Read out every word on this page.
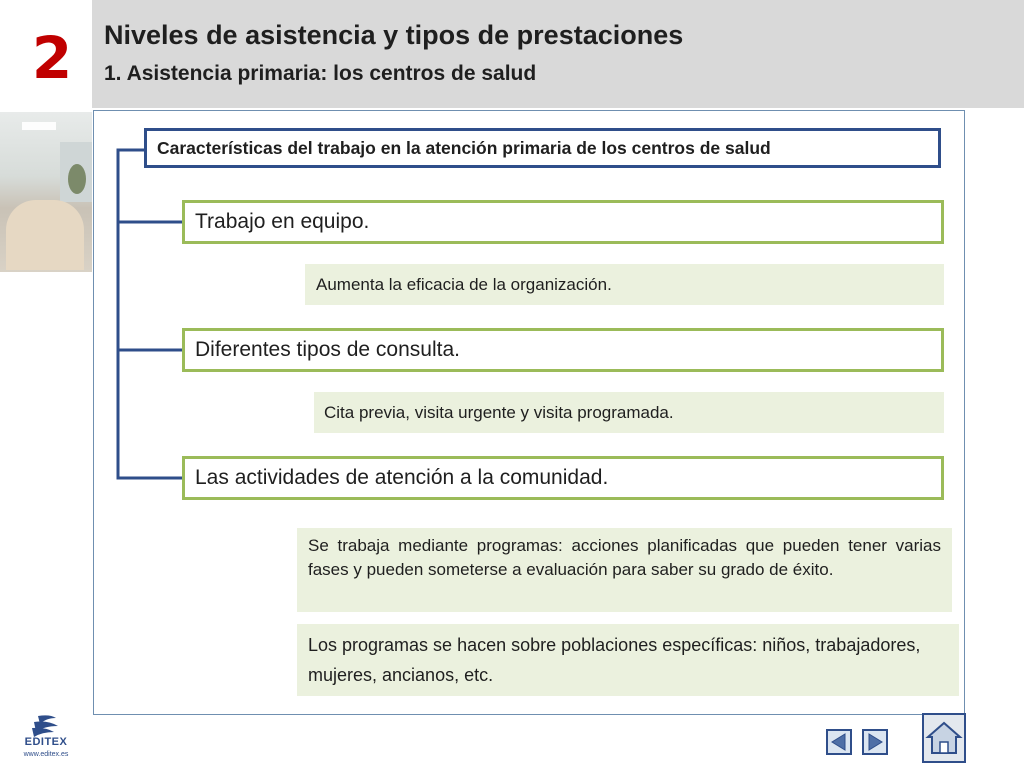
2	Niveles de asistencia y tipos de prestaciones
1. Asistencia primaria: los centros de salud
Características del trabajo en la atención primaria de los centros de salud
Trabajo en equipo.
Aumenta la eficacia de la organización.
Diferentes tipos de consulta.
Cita previa, visita urgente y visita programada.
Las actividades de atención a la comunidad.
Se trabaja mediante programas: acciones planificadas que pueden tener varias fases y pueden someterse a evaluación para saber su grado de éxito.
Los programas se hacen sobre poblaciones específicas: niños, trabajadores, mujeres, ancianos, etc.
EDITEX
www.editex.es
